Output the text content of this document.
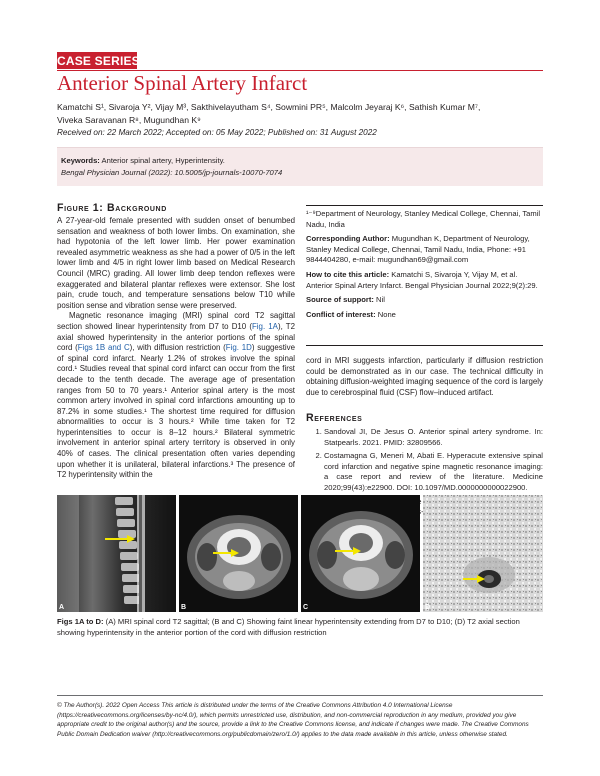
CASE SERIES
Anterior Spinal Artery Infarct
Kamatchi S¹, Sivaroja Y², Vijay M³, Sakthivelayutham S⁴, Sowmini PR⁵, Malcolm Jeyaraj K⁶, Sathish Kumar M⁷,
Viveka Saravanan R⁸, Mugundhan K⁹
Received on: 22 March 2022; Accepted on: 05 May 2022; Published on: 31 August 2022
Keywords: Anterior spinal artery, Hyperintensity.
Bengal Physician Journal (2022): 10.5005/jp-journals-10070-7074
Figure 1: Background

A 27-year-old female presented with sudden onset of benumbed sensation and weakness of both lower limbs. On examination, she had hypotonia of the left lower limb. Her power examination revealed asymmetric weakness as she had a power of 0/5 in the left lower limb and 4/5 in right lower limb based on Medical Research Council (MRC) grading. All lower limb deep tendon reflexes were exaggerated and bilateral plantar reflexes were extensor. She lost pain, crude touch, and temperature sensations below T10 while position sense and vibration sense were preserved.

Magnetic resonance imaging (MRI) spinal cord T2 sagittal section showed linear hyperintensity from D7 to D10 (Fig. 1A), T2 axial showed hyperintensity in the anterior portions of the spinal cord (Figs 1B and C), with diffusion restriction (Fig. 1D) suggestive of spinal cord infarct. Nearly 1.2% of strokes involve the spinal cord.¹ Studies reveal that spinal cord infarct can occur from the first decade to the tenth decade. The average age of presentation ranges from 50 to 70 years.¹ Anterior spinal artery is the most common artery involved in spinal cord infarctions amounting up to 87.2% in some studies.¹ The shortest time required for diffusion abnormalities to occur is 3 hours.² While time taken for T2 hyperintensities to occur is 8–12 hours.² Bilateral symmetric involvement in anterior spinal artery territory is observed in only 40% of cases. The clinical presentation often varies depending upon whether it is unilateral, bilateral infarctions.³ The presence of T2 hyperintensity within the

¹⁻⁹Department of Neurology, Stanley Medical College, Chennai, Tamil Nadu, India

Corresponding Author: Mugundhan K, Department of Neurology, Stanley Medical College, Chennai, Tamil Nadu, India, Phone: +91 9844404280, e-mail: mugundhan69@gmail.com

How to cite this article: Kamatchi S, Sivaroja Y, Vijay M, et al. Anterior Spinal Artery Infarct. Bengal Physician Journal 2022;9(2):29.

Source of support: Nil

Conflict of interest: None

cord in MRI suggests infarction, particularly if diffusion restriction could be demonstrated as in our case. The technical difficulty in obtaining diffusion-weighted imaging sequence of the cord is largely due to cerebrospinal fluid (CSF) flow–induced artifact.
References
1. Sandoval JI, De Jesus O. Anterior spinal artery syndrome. In: Statpearls. 2021. PMID: 32809566.
2. Costamagna G, Meneri M, Abati E. Hyperacute extensive spinal cord infarction and negative spine magnetic resonance imaging: a case report and review of the literature. Medicine 2020;99(43):e22900. DOI: 10.1097/MD.0000000000022900.
3.
A	B	C	D
Figs 1A to D: (A) MRI spinal cord T2 sagittal; (B and C) Showing faint linear hyperintensity extending from D7 to D10; (D) T2 axial section showing hyperintensity in the anterior portion of the cord with diffusion restriction
© The Author(s). 2022 Open Access This article is distributed under the terms of the Creative Commons Attribution 4.0 International License (https://creativecommons.org/licenses/by-nc/4.0/), which permits unrestricted use, distribution, and non-commercial reproduction in any medium, provided you give appropriate credit to the original author(s) and the source, provide a link to the Creative Commons license, and indicate if changes were made. The Creative Commons Public Domain Dedication waiver (http://creativecommons.org/publicdomain/zero/1.0/) applies to the data made available in this article, unless otherwise stated.
